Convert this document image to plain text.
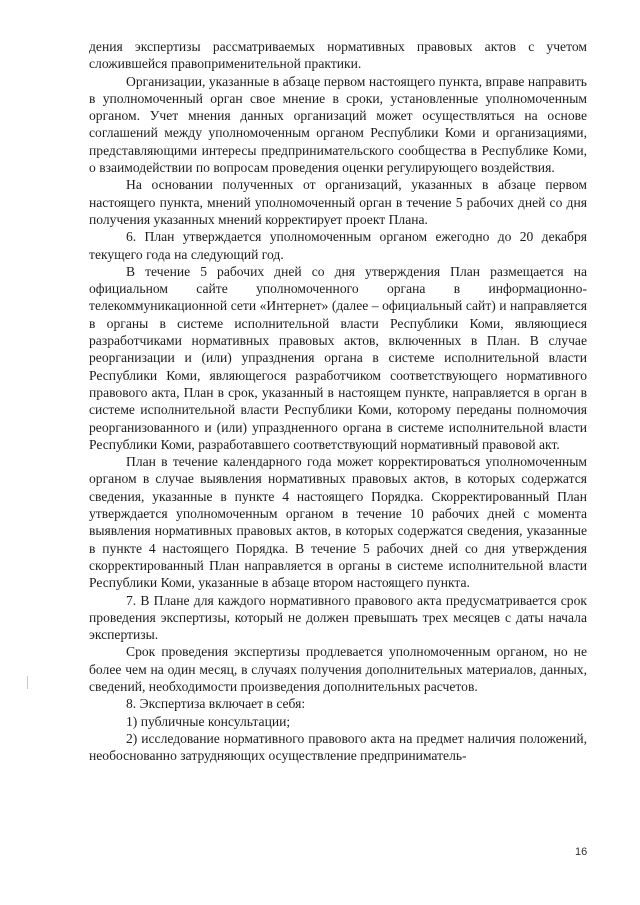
дения экспертизы рассматриваемых нормативных правовых актов с учетом сложившейся правоприменительной практики.

Организации, указанные в абзаце первом настоящего пункта, вправе направить в уполномоченный орган свое мнение в сроки, установленные уполномоченным органом. Учет мнения данных организаций может осуществляться на основе соглашений между уполномоченным органом Республики Коми и организациями, представляющими интересы предпринимательского сообщества в Республике Коми, о взаимодействии по вопросам проведения оценки регулирующего воздействия.

На основании полученных от организаций, указанных в абзаце первом настоящего пункта, мнений уполномоченный орган в течение 5 рабочих дней со дня получения указанных мнений корректирует проект Плана.

6. План утверждается уполномоченным органом ежегодно до 20 декабря текущего года на следующий год.

В течение 5 рабочих дней со дня утверждения План размещается на официальном сайте уполномоченного органа в информационно-телекоммуникационной сети «Интернет» (далее – официальный сайт) и направляется в органы в системе исполнительной власти Республики Коми, являющиеся разработчиками нормативных правовых актов, включенных в План. В случае реорганизации и (или) упразднения органа в системе исполнительной власти Республики Коми, являющегося разработчиком соответствующего нормативного правового акта, План в срок, указанный в настоящем пункте, направляется в орган в системе исполнительной власти Республики Коми, которому переданы полномочия реорганизованного и (или) упраздненного органа в системе исполнительной власти Республики Коми, разработавшего соответствующий нормативный правовой акт.

План в течение календарного года может корректироваться уполномоченным органом в случае выявления нормативных правовых актов, в которых содержатся сведения, указанные в пункте 4 настоящего Порядка. Скорректированный План утверждается уполномоченным органом в течение 10 рабочих дней с момента выявления нормативных правовых актов, в которых содержатся сведения, указанные в пункте 4 настоящего Порядка. В течение 5 рабочих дней со дня утверждения скорректированный План направляется в органы в системе исполнительной власти Республики Коми, указанные в абзаце втором настоящего пункта.

7. В Плане для каждого нормативного правового акта предусматривается срок проведения экспертизы, который не должен превышать трех месяцев с даты начала экспертизы.

Срок проведения экспертизы продлевается уполномоченным органом, но не более чем на один месяц, в случаях получения дополнительных материалов, данных, сведений, необходимости произведения дополнительных расчетов.

8. Экспертиза включает в себя:

1) публичные консультации;

2) исследование нормативного правового акта на предмет наличия положений, необоснованно затрудняющих осуществление предприниматель-

16
